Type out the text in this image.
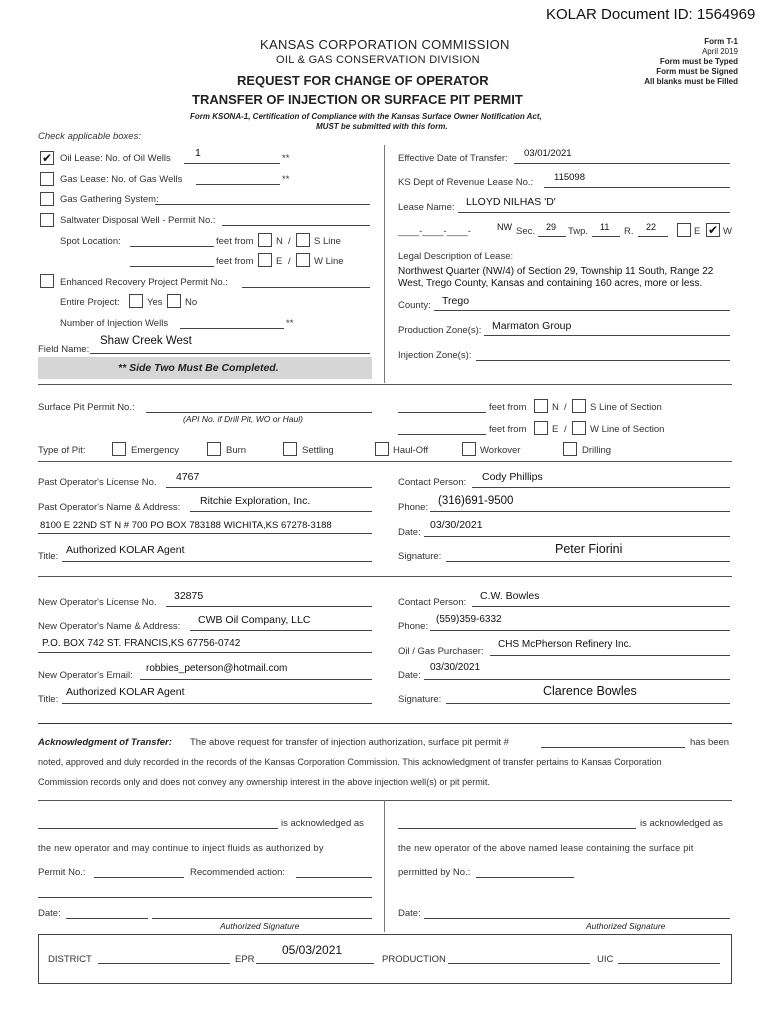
KOLAR Document ID: 1564969
KANSAS CORPORATION COMMISSION
OIL & GAS CONSERVATION DIVISION
REQUEST FOR CHANGE OF OPERATOR
TRANSFER OF INJECTION OR SURFACE PIT PERMIT
Form KSONA-1, Certification of Compliance with the Kansas Surface Owner Notification Act,
MUST be submitted with this form.
Form T-1
April 2019
Form must be Typed
Form must be Signed
All blanks must be Filled
Check applicable boxes:
✔ Oil Lease: No. of Oil Wells 1	**
Gas Lease: No. of Gas Wells	**
Gas Gathering System:
Saltwater Disposal Well - Permit No.:
Spot Location:	feet from N / S Line
feet from E / W Line
Enhanced Recovery Project Permit No.:
Entire Project:	Yes No
Number of Injection Wells	**
Field Name:
Shaw Creek West
** Side Two Must Be Completed.
Effective Date of Transfer: 03/01/2021
KS Dept of Revenue Lease No.: 115098
Lease Name: LLOYD NILHAS 'D'
____-____-____-	NW Sec. 29 Twp. 11 R. 22	E ✔ W
Legal Description of Lease:
Northwest Quarter (NW/4) of Section 29, Township 11 South, Range 22
West, Trego County, Kansas and containing 160 acres, more or less.
County: Trego
Production Zone(s): Marmaton Group
Injection Zone(s):
Surface Pit Permit No.:
(API No. if Drill Pit, WO or Haul)
feet from	N / S Line of Section
feet from	E / W Line of Section
Type of Pit:	Emergency	Burn	Settling	Haul-Off	Workover	Drilling
Past Operator's License No. 4767
Past Operator's Name & Address:
Ritchie Exploration, Inc.
8100 E 22ND ST N # 700 PO BOX 783188 WICHITA,KS 67278-3188
Title:
Authorized KOLAR Agent
Contact Person: Cody Phillips
Phone:
(316)691-9500
Date:
03/30/2021
Signature:
Peter Fiorini
New Operator's License No.
32875
New Operator's Name & Address:
CWB Oil Company, LLC
P.O. BOX 742 ST. FRANCIS,KS 67756-0742
New Operator's Email:
robbies_peterson@hotmail.com
Title:
Authorized KOLAR Agent
Contact Person:
C.W. Bowles
Phone:
(559)359-6332
Oil / Gas Purchaser:
CHS McPherson Refinery Inc.
Date:
03/30/2021
Signature:
Clarence Bowles
Acknowledgment of Transfer: The above request for transfer of injection authorization, surface pit permit #	has been
noted, approved and duly recorded in the records of the Kansas Corporation Commission. This acknowledgment of transfer pertains to Kansas Corporation
Commission records only and does not convey any ownership interest in the above injection well(s) or pit permit.
is acknowledged as
the new operator and may continue to inject fluids as authorized by
Permit No.:	Recommended action:
Date:
Authorized Signature
is acknowledged as
the new operator of the above named lease containing the surface pit
permitted by No.:
Date:
Authorized Signature
DISTRICT	EPR
05/03/2021
PRODUCTION	UIC
